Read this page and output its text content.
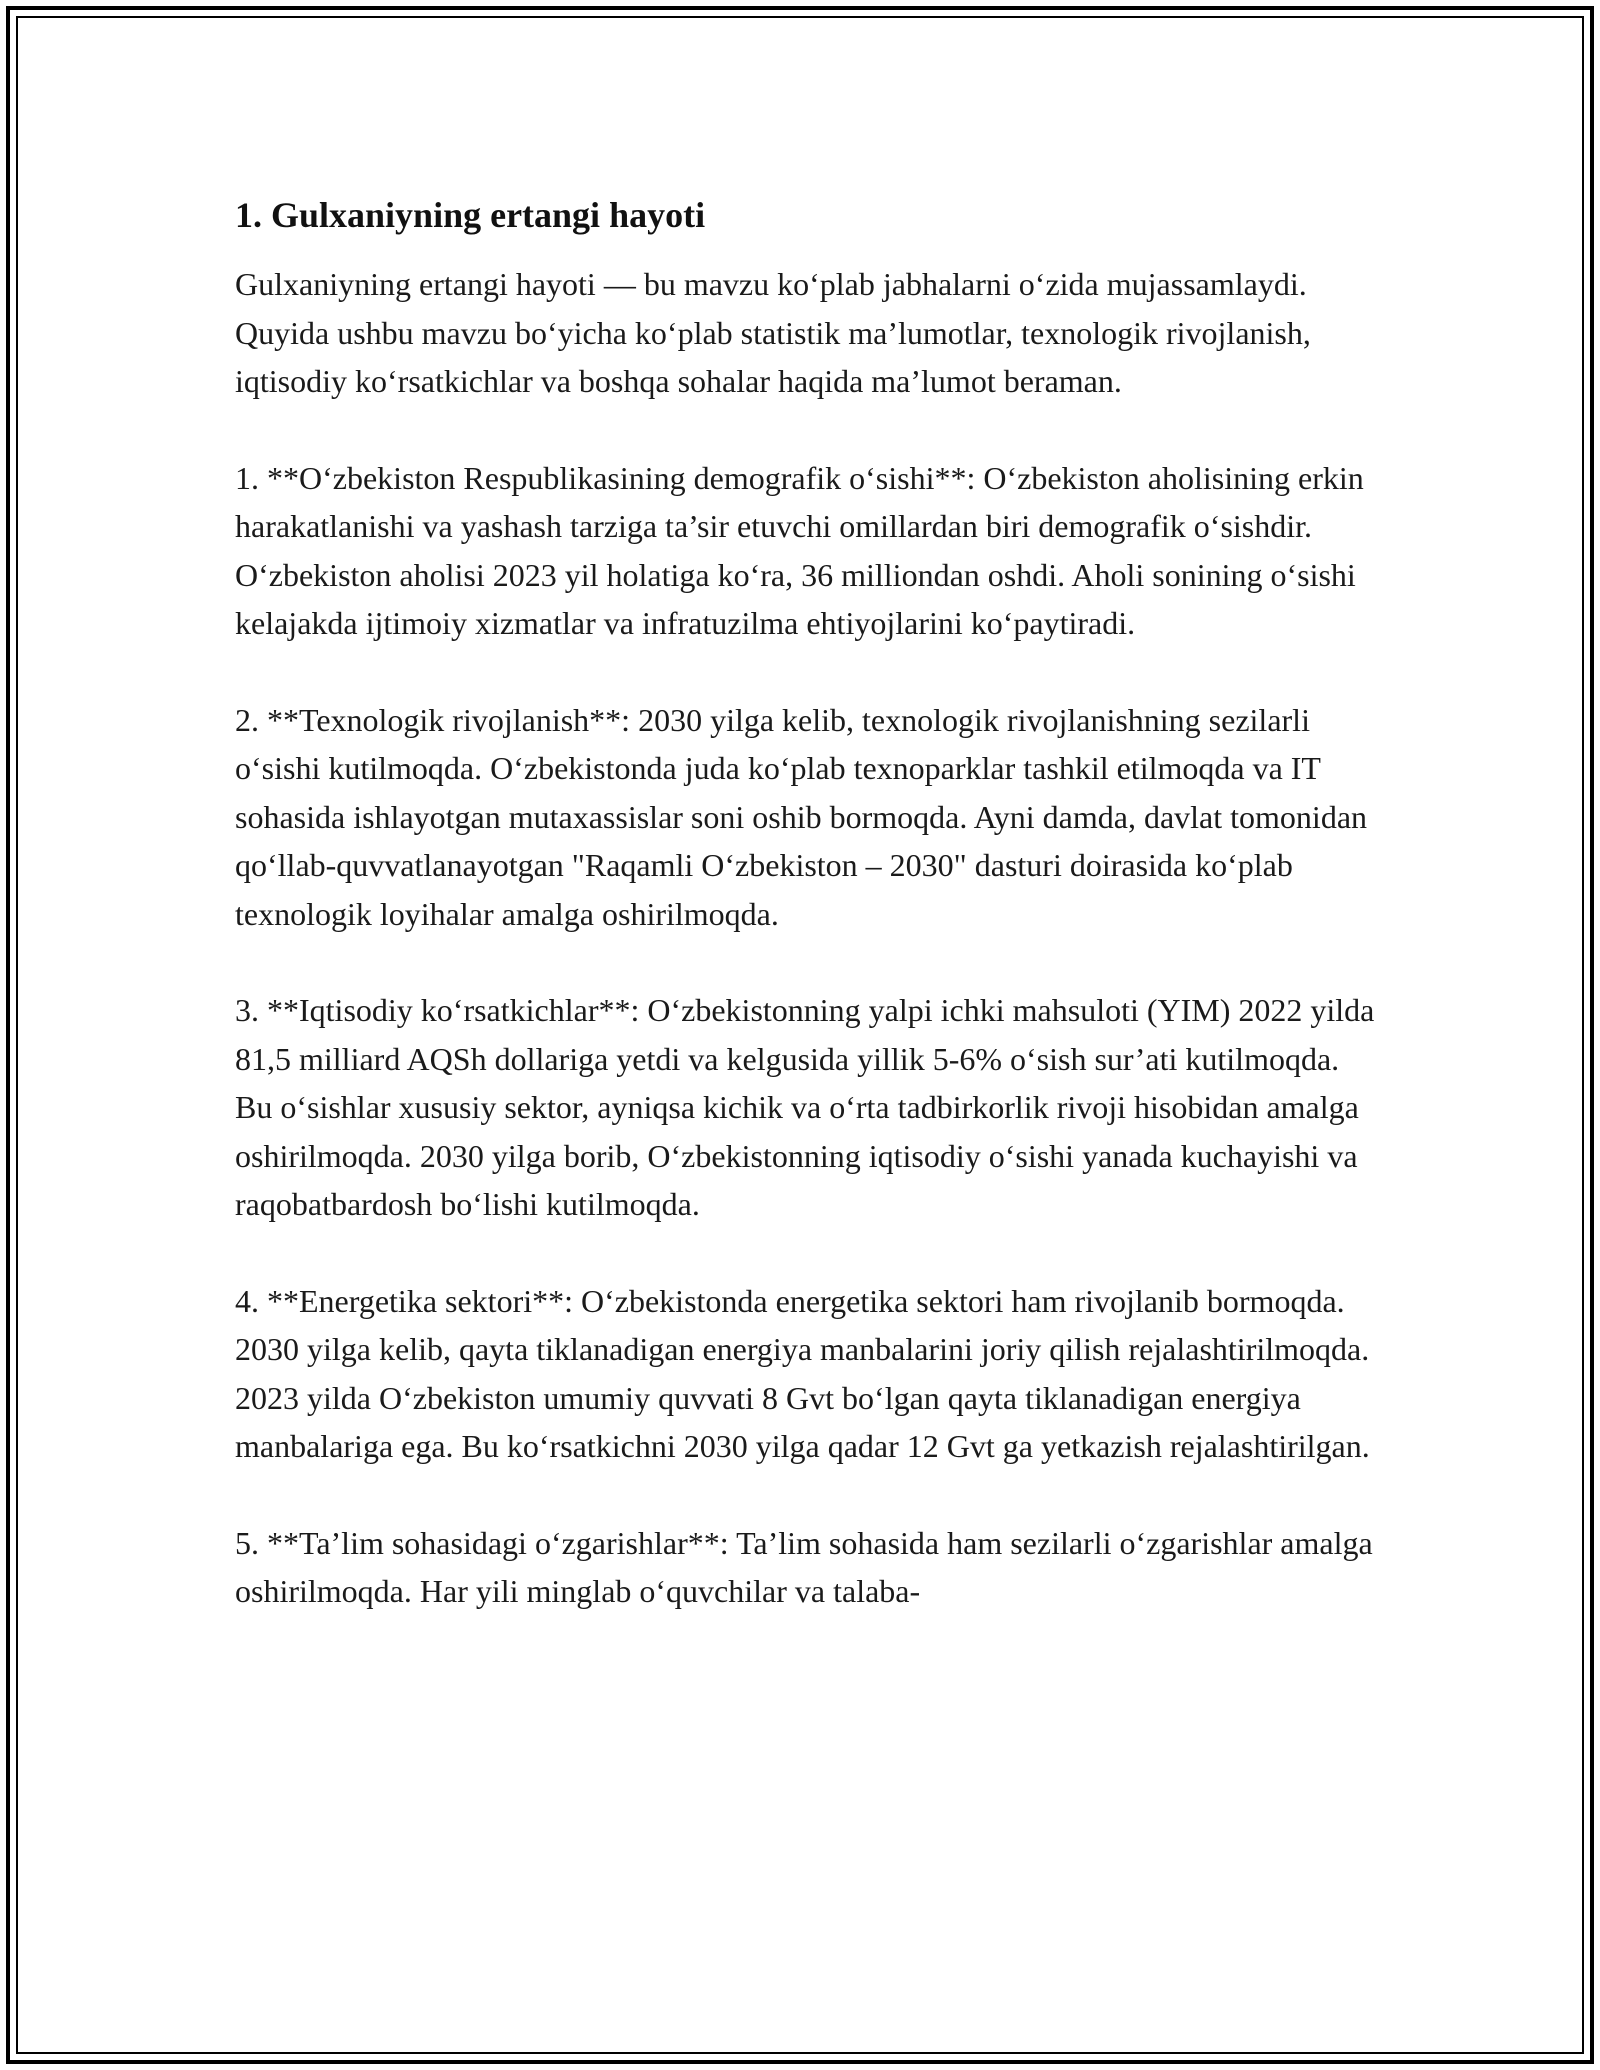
1. Gulxaniyning ertangi hayoti

Gulxaniyning ertangi hayoti — bu mavzu ko‘plab jabhalarni o‘zida mujassamlaydi. Quyida ushbu mavzu bo‘yicha ko‘plab statistik ma’lumotlar, texnologik rivojlanish, iqtisodiy ko‘rsatkichlar va boshqa sohalar haqida ma’lumot beraman.

1. **O‘zbekiston Respublikasining demografik o‘sishi**: O‘zbekiston aholisining erkin harakatlanishi va yashash tarziga ta’sir etuvchi omillardan biri demografik o‘sishdir. O‘zbekiston aholisi 2023 yil holatiga ko‘ra, 36 milliondan oshdi. Aholi sonining o‘sishi kelajakda ijtimoiy xizmatlar va infratuzilma ehtiyojlarini ko‘paytiradi.

2. **Texnologik rivojlanish**: 2030 yilga kelib, texnologik rivojlanishning sezilarli o‘sishi kutilmoqda. O‘zbekistonda juda ko‘plab texnoparklar tashkil etilmoqda va IT sohasida ishlayotgan mutaxassislar soni oshib bormoqda. Ayni damda, davlat tomonidan qo‘llab-quvvatlanayotgan "Raqamli O‘zbekiston – 2030" dasturi doirasida ko‘plab texnologik loyihalar amalga oshirilmoqda.

3. **Iqtisodiy ko‘rsatkichlar**: O‘zbekistonning yalpi ichki mahsuloti (YIM) 2022 yilda 81,5 milliard AQSh dollariga yetdi va kelgusida yillik 5-6% o‘sish sur’ati kutilmoqda. Bu o‘sishlar xususiy sektor, ayniqsa kichik va o‘rta tadbirkorlik rivoji hisobidan amalga oshirilmoqda. 2030 yilga borib, O‘zbekistonning iqtisodiy o‘sishi yanada kuchayishi va raqobatbardosh bo‘lishi kutilmoqda.

4. **Energetika sektori**: O‘zbekistonda energetika sektori ham rivojlanib bormoqda. 2030 yilga kelib, qayta tiklanadigan energiya manbalarini joriy qilish rejalashtirilmoqda. 2023 yilda O‘zbekiston umumiy quvvati 8 Gvt bo‘lgan qayta tiklanadigan energiya manbalariga ega. Bu ko‘rsatkichni 2030 yilga qadar 12 Gvt ga yetkazish rejalashtirilgan.

5. **Ta’lim sohasidagi o‘zgarishlar**: Ta’lim sohasida ham sezilarli o‘zgarishlar amalga oshirilmoqda. Har yili minglab o‘quvchilar va talaba-
